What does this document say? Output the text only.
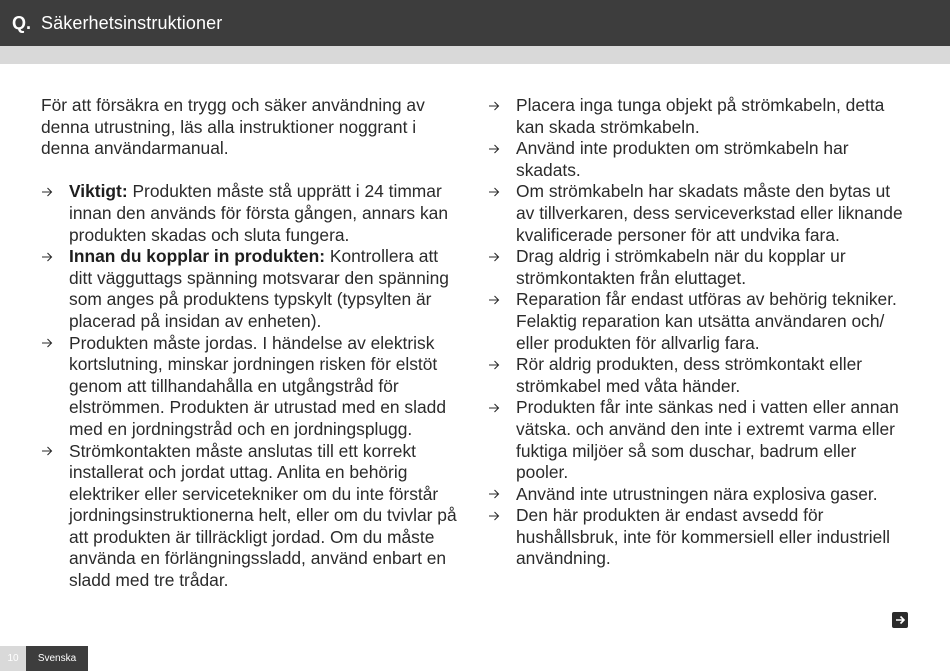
Q. Säkerhetsinstruktioner

För att försäkra en trygg och säker användning av denna utrustning, läs alla instruktioner noggrant i denna användarmanual.

Viktigt: Produkten måste stå upprätt i 24 timmar innan den används för första gången, annars kan produkten skadas och sluta fungera.
Innan du kopplar in produkten: Kontrollera att ditt vägguttags spänning motsvarar den spänning som anges på produktens typskylt (typsylten är placerad på insidan av enheten).
Produkten måste jordas. I händelse av elektrisk kortslutning, minskar jordningen risken för elstöt genom att tillhandahålla en utgångstråd för elströmmen. Produkten är utrustad med en sladd med en jordningstråd och en jordningsplugg.
Strömkontakten måste anslutas till ett korrekt installerat och jordat uttag. Anlita en behörig elektriker eller servicetekniker om du inte förstår jordningsinstruktionerna helt, eller om du tvivlar på att produkten är tillräckligt jordad. Om du måste använda en förlängningssladd, använd enbart en sladd med tre trådar.
Placera inga tunga objekt på strömkabeln, detta kan skada strömkabeln.
Använd inte produkten om strömkabeln har skadats.
Om strömkabeln har skadats måste den bytas ut av tillverkaren, dess serviceverkstad eller liknande kvalificerade personer för att undvika fara.
Drag aldrig i strömkabeln när du kopplar ur strömkontakten från eluttaget.
Reparation får endast utföras av behörig tekniker. Felaktig reparation kan utsätta användaren och/ eller produkten för allvarlig fara.
Rör aldrig produkten, dess strömkontakt eller strömkabel med våta händer.
Produkten får inte sänkas ned i vatten eller annan vätska. och använd den inte i extremt varma eller fuktiga miljöer så som duschar, badrum eller pooler.
Använd inte utrustningen nära explosiva gaser.
Den här produkten är endast avsedd för hushållsbruk, inte för kommersiell eller industriell användning.
10	Svenska
